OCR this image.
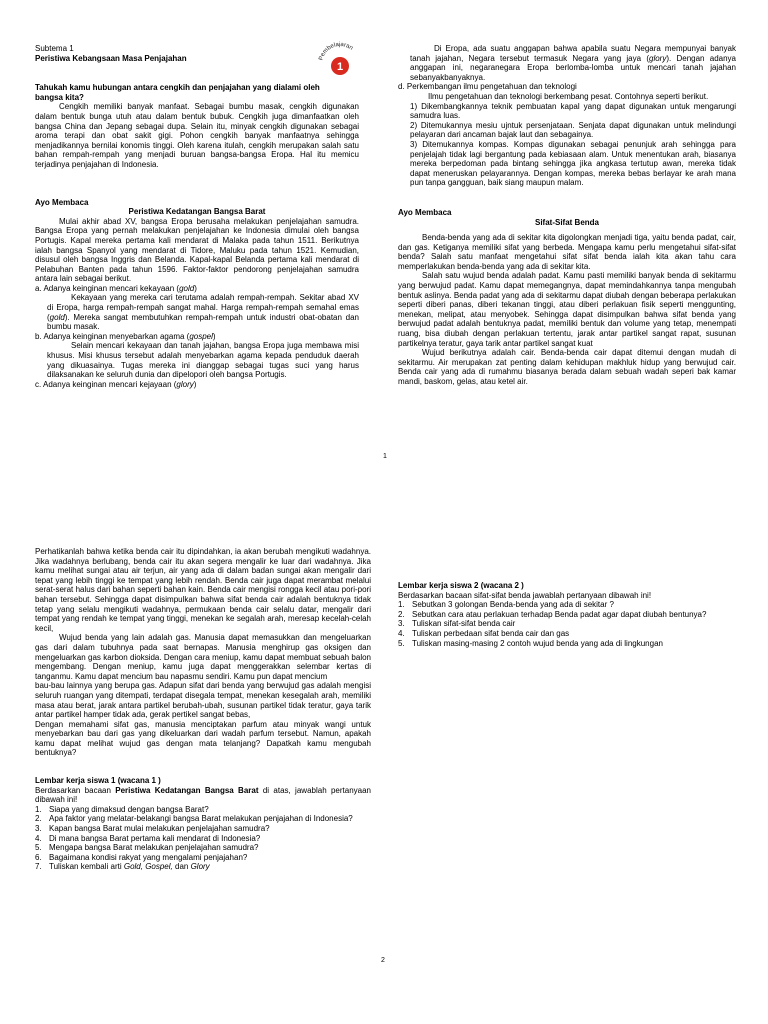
Subtema 1

Peristiwa Kebangsaan Masa Penjajahan

Tahukah kamu hubungan antara cengkih dan penjajahan yang dialami oleh bangsa kita?

Cengkih memiliki banyak manfaat. Sebagai bumbu masak, cengkih digunakan dalam bentuk bunga utuh atau dalam bentuk bubuk. Cengkih juga dimanfaatkan oleh bangsa China dan Jepang sebagai dupa. Selain itu, minyak cengkih digunakan sebagai aroma terapi dan obat sakit gigi. Pohon cengkih banyak manfaatnya sehingga menjadikannya bernilai konomis tinggi. Oleh karena itulah, cengkih merupakan salah satu bahan rempah-rempah yang menjadi buruan bangsa-bangsa Eropa. Hal itu memicu terjadinya penjajahan di Indonesia.

Ayo Membaca

Peristiwa Kedatangan Bangsa Barat

Mulai akhir abad XV, bangsa Eropa berusaha melakukan penjelajahan samudra. Bangsa Eropa yang pernah melakukan penjelajahan ke Indonesia dimulai oleh bangsa Portugis. Kapal mereka pertama kali mendarat di Malaka pada tahun 1511. Berikutnya ialah bangsa Spanyol yang mendarat di Tidore, Maluku pada tahun 1521. Kemudian, disusul oleh bangsa Inggris dan Belanda. Kapal-kapal Belanda pertama kali mendarat di Pelabuhan Banten pada tahun 1596. Faktor-faktor pendorong penjelajahan samudra antara lain sebagai berikut.

a. Adanya keinginan mencari kekayaan (gold)

Kekayaan yang mereka cari terutama adalah rempah-rempah. Sekitar abad XV di Eropa, harga rempah-rempah sangat mahal. Harga rempah-rempah semahal emas (gold). Mereka sangat membutuhkan rempah-rempah untuk industri obat-obatan dan bumbu masak.

b. Adanya keinginan menyebarkan agama (gospel)

Selain mencari kekayaan dan tanah jajahan, bangsa Eropa juga membawa misi khusus. Misi khusus tersebut adalah menyebarkan agama kepada penduduk daerah yang dikuasainya. Tugas mereka ini dianggap sebagai tugas suci yang harus dilaksanakan ke seluruh dunia dan dipelopori oleh bangsa Portugis.

c. Adanya keinginan mencari kejayaan (glory)

Pembelajaran
1

Di Eropa, ada suatu anggapan bahwa apabila suatu Negara mempunyai banyak tanah jajahan, Negara tersebut termasuk Negara yang jaya (glory). Dengan adanya anggapan ini, negaranegara Eropa berlomba-lomba untuk mencari tanah jajahan sebanyakbanyaknya.

d. Perkembangan ilmu pengetahuan dan teknologi

Ilmu pengetahuan dan teknologi berkembang pesat. Contohnya seperti berikut.

1) Dikembangkannya teknik pembuatan kapal yang dapat digunakan untuk mengarungi samudra luas.

2) Ditemukannya mesiu ujntuk persenjataan. Senjata dapat digunakan untuk melindungi pelayaran dari ancaman bajak laut dan sebagainya.

3) Ditemukannya kompas. Kompas digunakan sebagai penunjuk arah sehingga para penjelajah tidak lagi bergantung pada kebiasaan alam. Untuk menentukan arah, biasanya mereka berpedoman pada bintang sehingga jika angkasa tertutup awan, mereka tidak dapat meneruskan pelayarannya. Dengan kompas, mereka bebas berlayar ke arah mana pun tanpa gangguan, baik siang maupun malam.

Ayo Membaca

Sifat-Sifat Benda

Benda-benda yang ada di sekitar kita digolongkan menjadi tiga, yaitu benda padat, cair, dan gas. Ketiganya memiliki sifat yang berbeda. Mengapa kamu perlu mengetahui sifat-sifat benda? Salah satu manfaat mengetahui sifat sifat benda ialah kita akan tahu cara memperlakukan benda-benda yang ada di sekitar kita.

Salah satu wujud benda adalah padat. Kamu pasti memiliki banyak benda di sekitarmu yang berwujud padat. Kamu dapat memegangnya, dapat memindahkannya tanpa mengubah bentuk aslinya. Benda padat yang ada di sekitarmu dapat diubah dengan beberapa perlakukan seperti diberi panas, diberi tekanan tinggi, atau diberi perlakuan fisik seperti menggunting, menekan, melipat, atau menyobek. Sehingga dapat disimpulkan bahwa sifat benda yang berwujud padat adalah bentuknya padat, memiliki bentuk dan volume yang tetap, menempati ruang, bisa diubah dengan perlakuan tertentu, jarak antar partikel sangat rapat, susunan partikelnya teratur, gaya tarik antar partikel sangat kuat

Wujud berikutnya adalah cair. Benda-benda cair dapat ditemui dengan mudah di sekitarmu. Air merupakan zat penting dalam kehidupan makhluk hidup yang berwujud cair. Benda cair yang ada di rumahmu biasanya berada dalam sebuah wadah seperi bak kamar mandi, baskom, gelas, atau ketel air.

1

Perhatikanlah bahwa ketika benda cair itu dipindahkan, ia akan berubah mengikuti wadahnya. Jika wadahnya berlubang, benda cair itu akan segera mengalir ke luar dari wadahnya. Jika kamu melihat sungai atau air terjun, air yang ada di dalam badan sungai akan mengalir dari tepat yang lebih tinggi ke tempat yang lebih rendah. Benda cair juga dapat merambat melalui serat-serat halus dari bahan seperti bahan kain. Benda cair mengisi rongga kecil atau pori-pori bahan tersebut. Sehingga dapat disimpulkan bahwa sifat benda cair adalah bentuknya tidak tetap yang selalu mengikuti wadahnya, permukaan benda cair selalu datar, mengalir dari tempat yang rendah ke tempat yang tinggi, menekan ke segalah arah, meresap kecelah-celah kecil,

Wujud benda yang lain adalah gas. Manusia dapat memasukkan dan mengeluarkan gas dari dalam tubuhnya pada saat bernapas. Manusia menghirup gas oksigen dan mengeluarkan gas karbon dioksida. Dengan cara meniup, kamu dapat membuat sebuah balon mengembang. Dengan meniup, kamu juga dapat menggerakkan selembar kertas di tanganmu. Kamu dapat mencium bau napasmu sendiri. Kamu pun dapat mencium

bau-bau lainnya yang berupa gas. Adapun sifat dari benda yang berwujud gas adalah mengisi seluruh ruangan yang ditempati, terdapat disegala tempat, menekan kesegalah arah, memiliki masa atau berat, jarak antara partikel berubah-ubah, susunan partikel tidak teratur, gaya tarik antar partikel hamper tidak ada, gerak pertikel sangat bebas,

Dengan memahami sifat gas, manusia menciptakan parfum atau minyak wangi untuk menyebarkan bau dari gas yang dikeluarkan dari wadah parfum tersebut. Namun, apakah kamu dapat melihat wujud gas dengan mata telanjang? Dapatkah kamu mengubah bentuknya?

Lembar kerja siswa 1 (wacana 1 )

Berdasarkan bacaan Peristiwa Kedatangan Bangsa Barat di atas, jawablah pertanyaan dibawah ini!

1. Siapa yang dimaksud dengan bangsa Barat?
2. Apa faktor yang melatar-belakangi bangsa Barat melakukan penjajahan di Indonesia?
3. Kapan bangsa Barat mulai melakukan penjelajahan samudra?
4. Di mana bangsa Barat pertama kali mendarat di Indonesia?
5. Mengapa bangsa Barat melakukan penjelajahan samudra?
6. Bagaimana kondisi rakyat yang mengalami penjajahan?
7. Tuliskan kembali arti Gold, Gospel, dan Glory

Lembar kerja siswa 2 (wacana 2 )

Berdasarkan bacaan sifat-sifat benda jawablah pertanyaan dibawah ini!

1. Sebutkan 3 golongan Benda-benda yang ada di sekitar ?
2. Sebutkan cara atau perlakuan terhadap Benda padat agar dapat diubah bentunya?
3. Tuliskan sifat-sifat benda cair
4. Tuliskan perbedaan sifat benda cair dan gas
5. Tuliskan masing-masing 2 contoh wujud benda yang ada di lingkungan
2
